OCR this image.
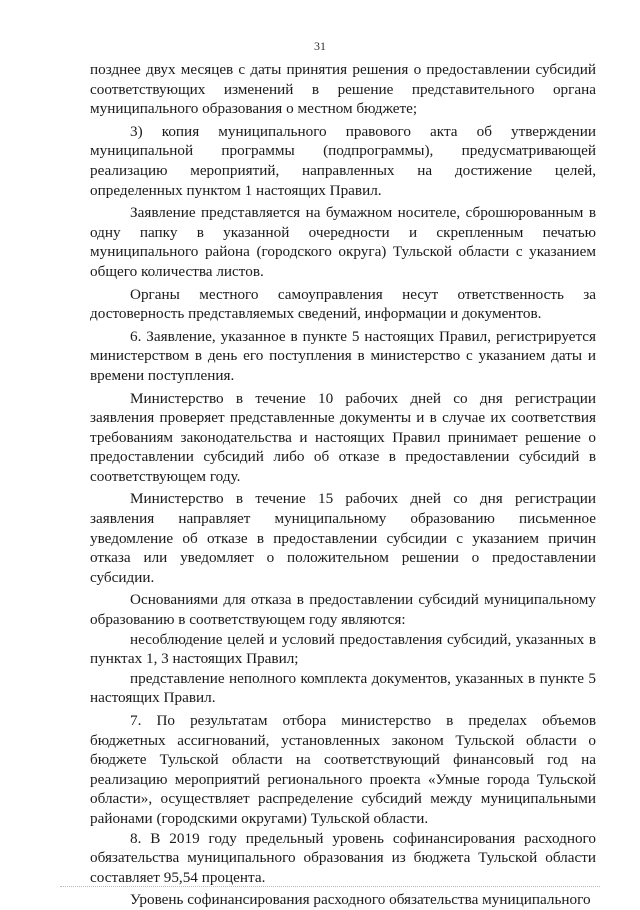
31

позднее двух месяцев с даты принятия решения о предоставлении субсидий соответствующих изменений в решение представительного органа муниципального образования о местном бюджете;

3) копия муниципального правового акта об утверждении муниципальной программы (подпрограммы), предусматривающей реализацию мероприятий, направленных на достижение целей, определенных пунктом 1 настоящих Правил.

Заявление представляется на бумажном носителе, сброшюрованным в одну папку в указанной очередности и скрепленным печатью муниципального района (городского округа) Тульской области с указанием общего количества листов.

Органы местного самоуправления несут ответственность за достоверность представляемых сведений, информации и документов.

6. Заявление, указанное в пункте 5 настоящих Правил, регистрируется министерством в день его поступления в министерство с указанием даты и времени поступления.

Министерство в течение 10 рабочих дней со дня регистрации заявления проверяет представленные документы и в случае их соответствия требованиям законодательства и настоящих Правил принимает решение о предоставлении субсидий либо об отказе в предоставлении субсидий в соответствующем году.

Министерство в течение 15 рабочих дней со дня регистрации заявления направляет муниципальному образованию письменное уведомление об отказе в предоставлении субсидии с указанием причин отказа или уведомляет о положительном решении о предоставлении субсидии.

Основаниями для отказа в предоставлении субсидий муниципальному образованию в соответствующем году являются:

несоблюдение целей и условий предоставления субсидий, указанных в пунктах 1, 3 настоящих Правил;

представление неполного комплекта документов, указанных в пункте 5 настоящих Правил.

7. По результатам отбора министерство в пределах объемов бюджетных ассигнований, установленных законом Тульской области о бюджете Тульской области на соответствующий финансовый год на реализацию мероприятий регионального проекта «Умные города Тульской области», осуществляет распределение субсидий между муниципальными районами (городскими округами) Тульской области.

8. В 2019 году предельный уровень софинансирования расходного обязательства муниципального образования из бюджета Тульской области составляет 95,54 процента.

Уровень софинансирования расходного обязательства муниципального
